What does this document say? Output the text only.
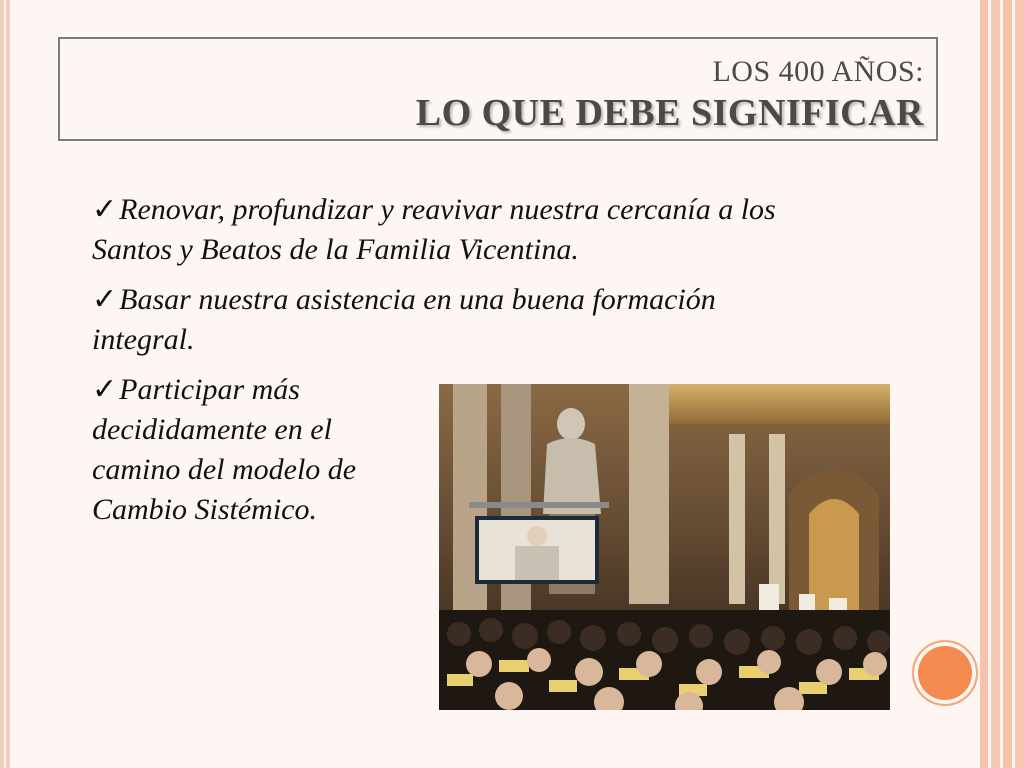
LOS 400 AÑOS:
LO QUE DEBE SIGNIFICAR
✓Renovar, profundizar y reavivar nuestra cercanía a los Santos y Beatos de la Familia Vicentina.
✓Basar nuestra asistencia en una buena formación integral.
✓Participar más decididamente en el camino del modelo de Cambio Sistémico.
